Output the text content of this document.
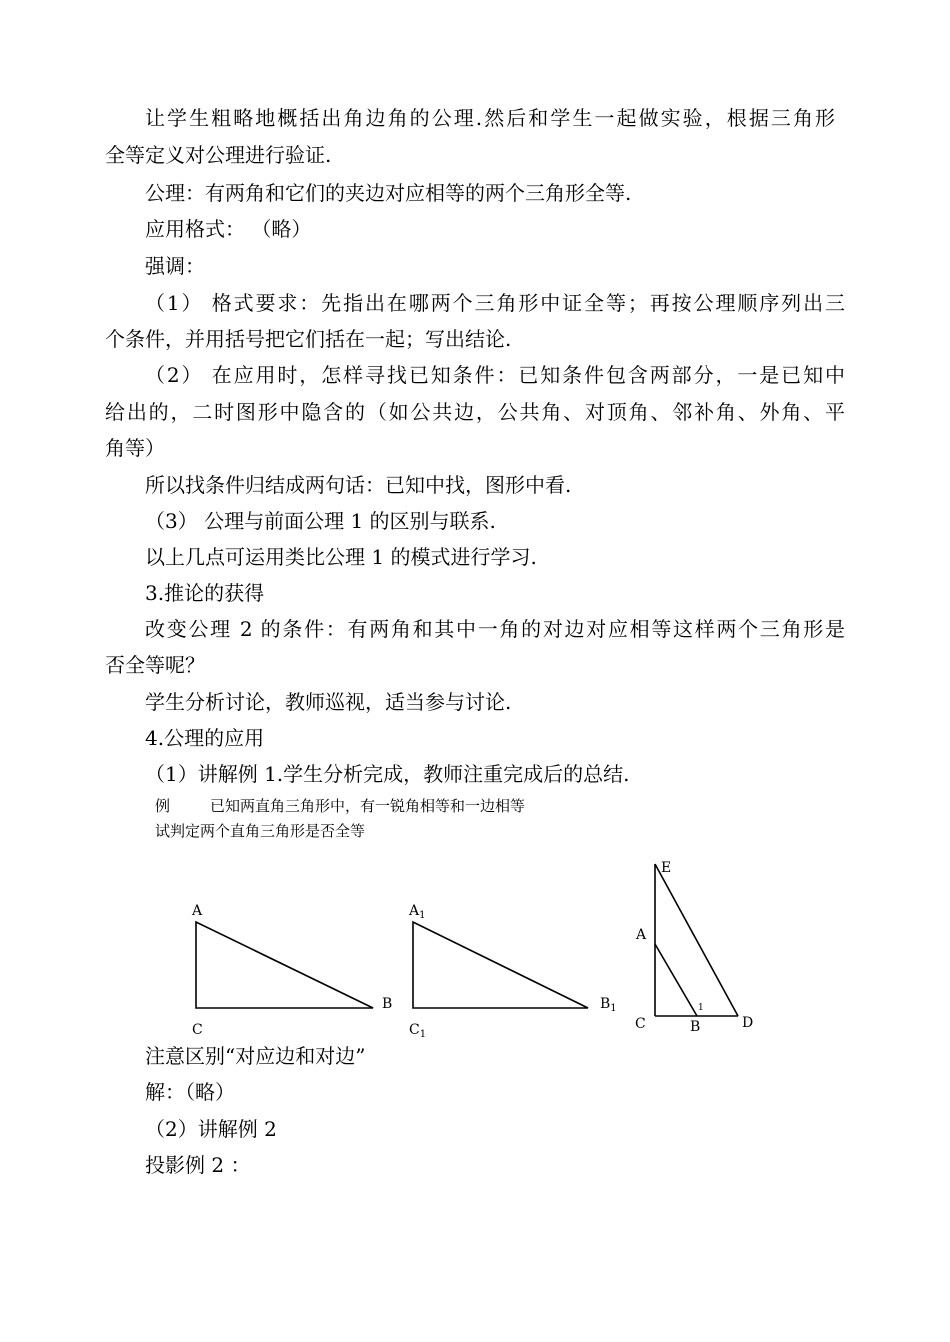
让学生粗略地概括出角边角的公理.然后和学生一起做实验，根据三角形
全等定义对公理进行验证.
公理：有两角和它们的夹边对应相等的两个三角形全等.
应用格式： （略）
强调：
（1） 格式要求：先指出在哪两个三角形中证全等；再按公理顺序列出三
个条件，并用括号把它们括在一起；写出结论.
（2） 在应用时，怎样寻找已知条件：已知条件包含两部分，一是已知中
给出的，二时图形中隐含的（如公共边，公共角、对顶角、邻补角、外角、平
角等）
所以找条件归结成两句话：已知中找，图形中看.
（3） 公理与前面公理 1 的区别与联系.
以上几点可运用类比公理 1 的模式进行学习.
3.推论的获得
改变公理 2 的条件：有两角和其中一角的对边对应相等这样两个三角形是
否全等呢？
学生分析讨论，教师巡视，适当参与讨论.
4.公理的应用
（1）讲解例 1.学生分析完成，教师注重完成后的总结.
例	已知两直角三角形中，有一锐角相等和一边相等
试判定两个直角三角形是否全等
A
B
C
$A_1$
$B_1$
$C_1$
E
A
C	B	D
1
注意区别“对应边和对边”
解：（略）
（2）讲解例 2
投影例 2 ：
